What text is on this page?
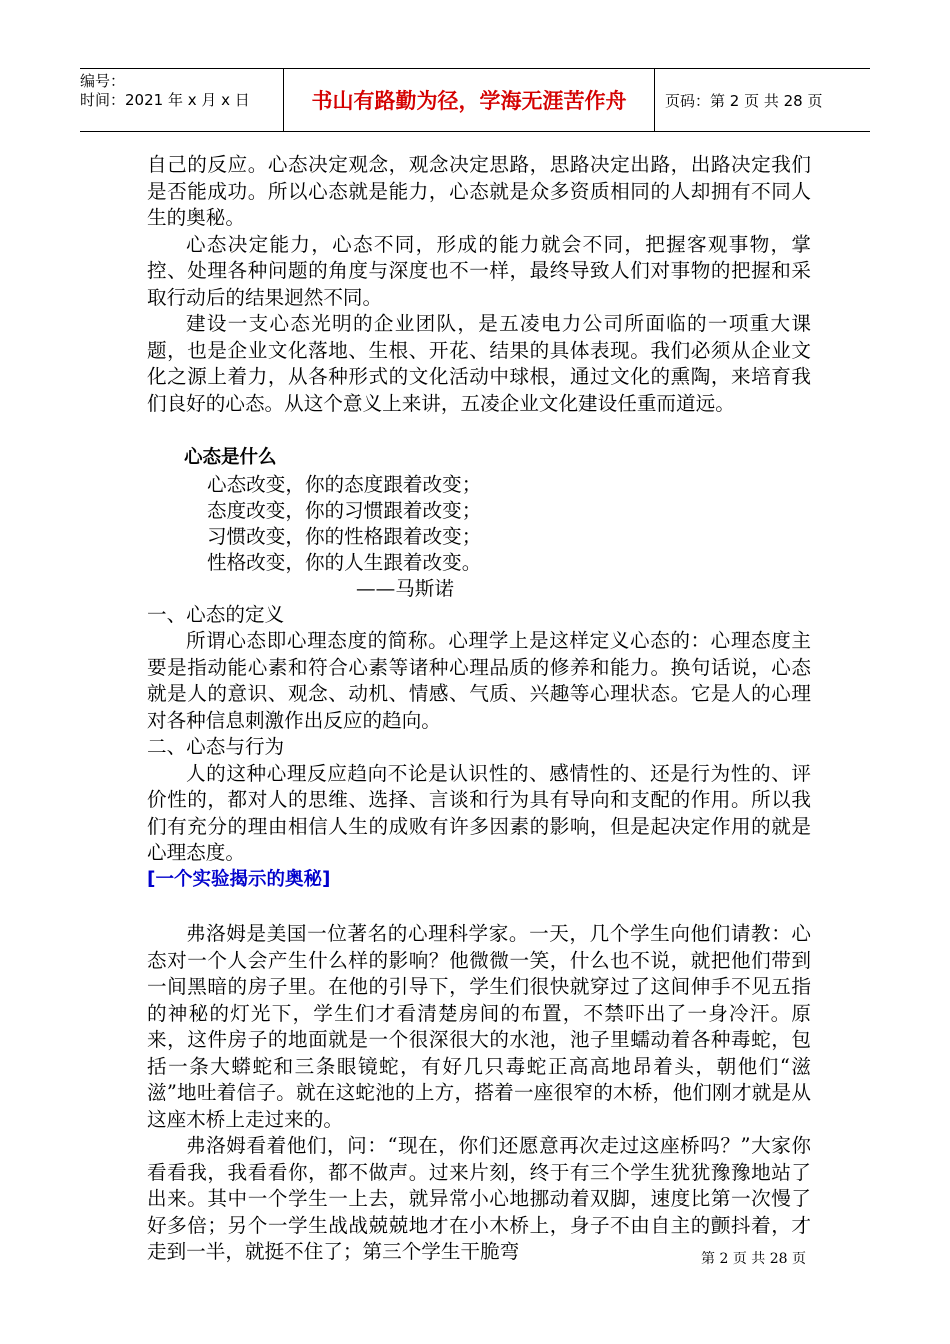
编号：
时间：2021 年 x 月 x 日	书山有路勤为径，学海无涯苦作舟	页码：第 2 页 共 28 页

自己的反应。心态决定观念，观念决定思路，思路决定出路，出路决定我们是否能成功。所以心态就是能力，心态就是众多资质相同的人却拥有不同人生的奥秘。

心态决定能力，心态不同，形成的能力就会不同，把握客观事物，掌控、处理各种问题的角度与深度也不一样，最终导致人们对事物的把握和采取行动后的结果迥然不同。

建设一支心态光明的企业团队，是五凌电力公司所面临的一项重大课题，也是企业文化落地、生根、开花、结果的具体表现。我们必须从企业文化之源上着力，从各种形式的文化活动中球根，通过文化的熏陶，来培育我们良好的心态。从这个意义上来讲，五凌企业文化建设任重而道远。

心态是什么

心态改变，你的态度跟着改变；

态度改变，你的习惯跟着改变；

习惯改变，你的性格跟着改变；

性格改变，你的人生跟着改变。

——马斯诺

一、心态的定义

所谓心态即心理态度的简称。心理学上是这样定义心态的：心理态度主要是指动能心素和符合心素等诸种心理品质的修养和能力。换句话说，心态就是人的意识、观念、动机、情感、气质、兴趣等心理状态。它是人的心理对各种信息刺激作出反应的趋向。

二、心态与行为

人的这种心理反应趋向不论是认识性的、感情性的、还是行为性的、评价性的，都对人的思维、选择、言谈和行为具有导向和支配的作用。所以我们有充分的理由相信人生的成败有许多因素的影响，但是起决定作用的就是心理态度。

[一个实验揭示的奥秘]

弗洛姆是美国一位著名的心理科学家。一天，几个学生向他们请教：心态对一个人会产生什么样的影响？他微微一笑，什么也不说，就把他们带到一间黑暗的房子里。在他的引导下，学生们很快就穿过了这间伸手不见五指的神秘的灯光下，学生们才看清楚房间的布置，不禁吓出了一身冷汗。原来，这件房子的地面就是一个很深很大的水池，池子里蠕动着各种毒蛇，包括一条大蟒蛇和三条眼镜蛇，有好几只毒蛇正高高地昂着头，朝他们“滋滋”地吐着信子。就在这蛇池的上方，搭着一座很窄的木桥，他们刚才就是从这座木桥上走过来的。

弗洛姆看着他们，问：“现在，你们还愿意再次走过这座桥吗？”大家你看看我，我看看你，都不做声。过来片刻，终于有三个学生犹犹豫豫地站了出来。其中一个学生一上去，就异常小心地挪动着双脚，速度比第一次慢了好多倍；另个一学生战战兢兢地才在小木桥上，身子不由自主的颤抖着，才走到一半，就挺不住了；第三个学生干脆弯	第 2 页 共 28 页
